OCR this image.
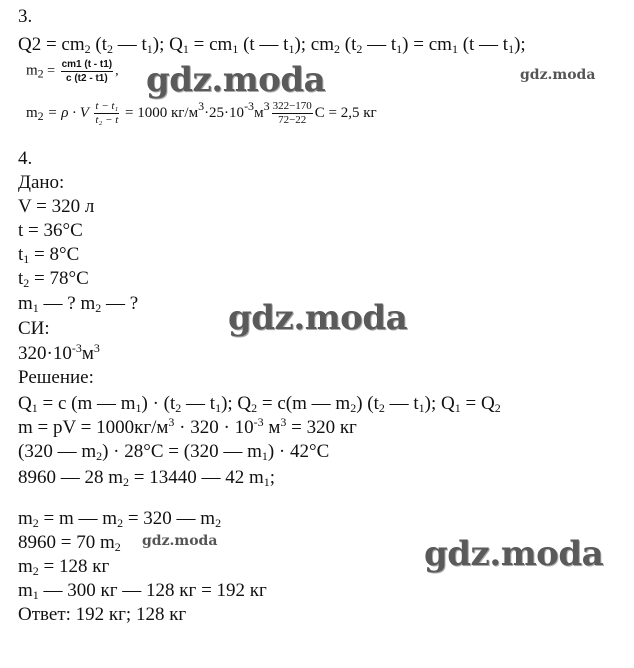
3.
$Q2 = cm_2$ ($t_2$ — $t_1$); $Q_1 = cm_1$ (t — $t_1$); $cm_2$ ($t_2$ — $t_1) = cm_1$ (t — $t_1$);
$m_2 = \frac{cm1 (t - t1)}{c (t2 - t1)}$ ,
$m_2 = \rho \cdot V \frac{\text{t − t₁}}{\text{t₂ − t}} = 1000$ $кг/м^3\cdot 25\cdot 10^{-3}м^3 \frac{322-170}{72-22}$ С = 2,5 кг
4.
Дано:
V = 320 л
t = 36°C
$t_1 = 8^\circ C$
$t_2 = 78^\circ C$
$m_1$ — ? $m_2$ — ?
СИ:
$320\cdot 10^{-3}м^3$
Решение:
$Q_1 = c$ (m — $m_1) \cdot (t_2$ — $t_1$); $Q_2 = c(m$ — $m_2$) ($t_2$ — $t_1$); $Q_1 = Q_2$
m = pV = $1000кг/м^3 \cdot 320 \cdot 10^{-3}$ $м^3 = 320$ кг
(320 — $m_2) \cdot 28^\circ C = (320$ — $m_1) \cdot 42^\circ C$
8960 — 28 $m_2 = 13440$ — 42 $m_1$;
$m_2 = m$ — $m_2 = 320$ — $m_2$
8960 = 70 $m_2$
$m_2 = 128$ кг
$m_1$ — 300 кг — 128 кг = 192 кг
Ответ: 192 кг; 128 кг
gdz.moda	gdz.moda
gdz.moda
gdz.moda	gdz.moda
